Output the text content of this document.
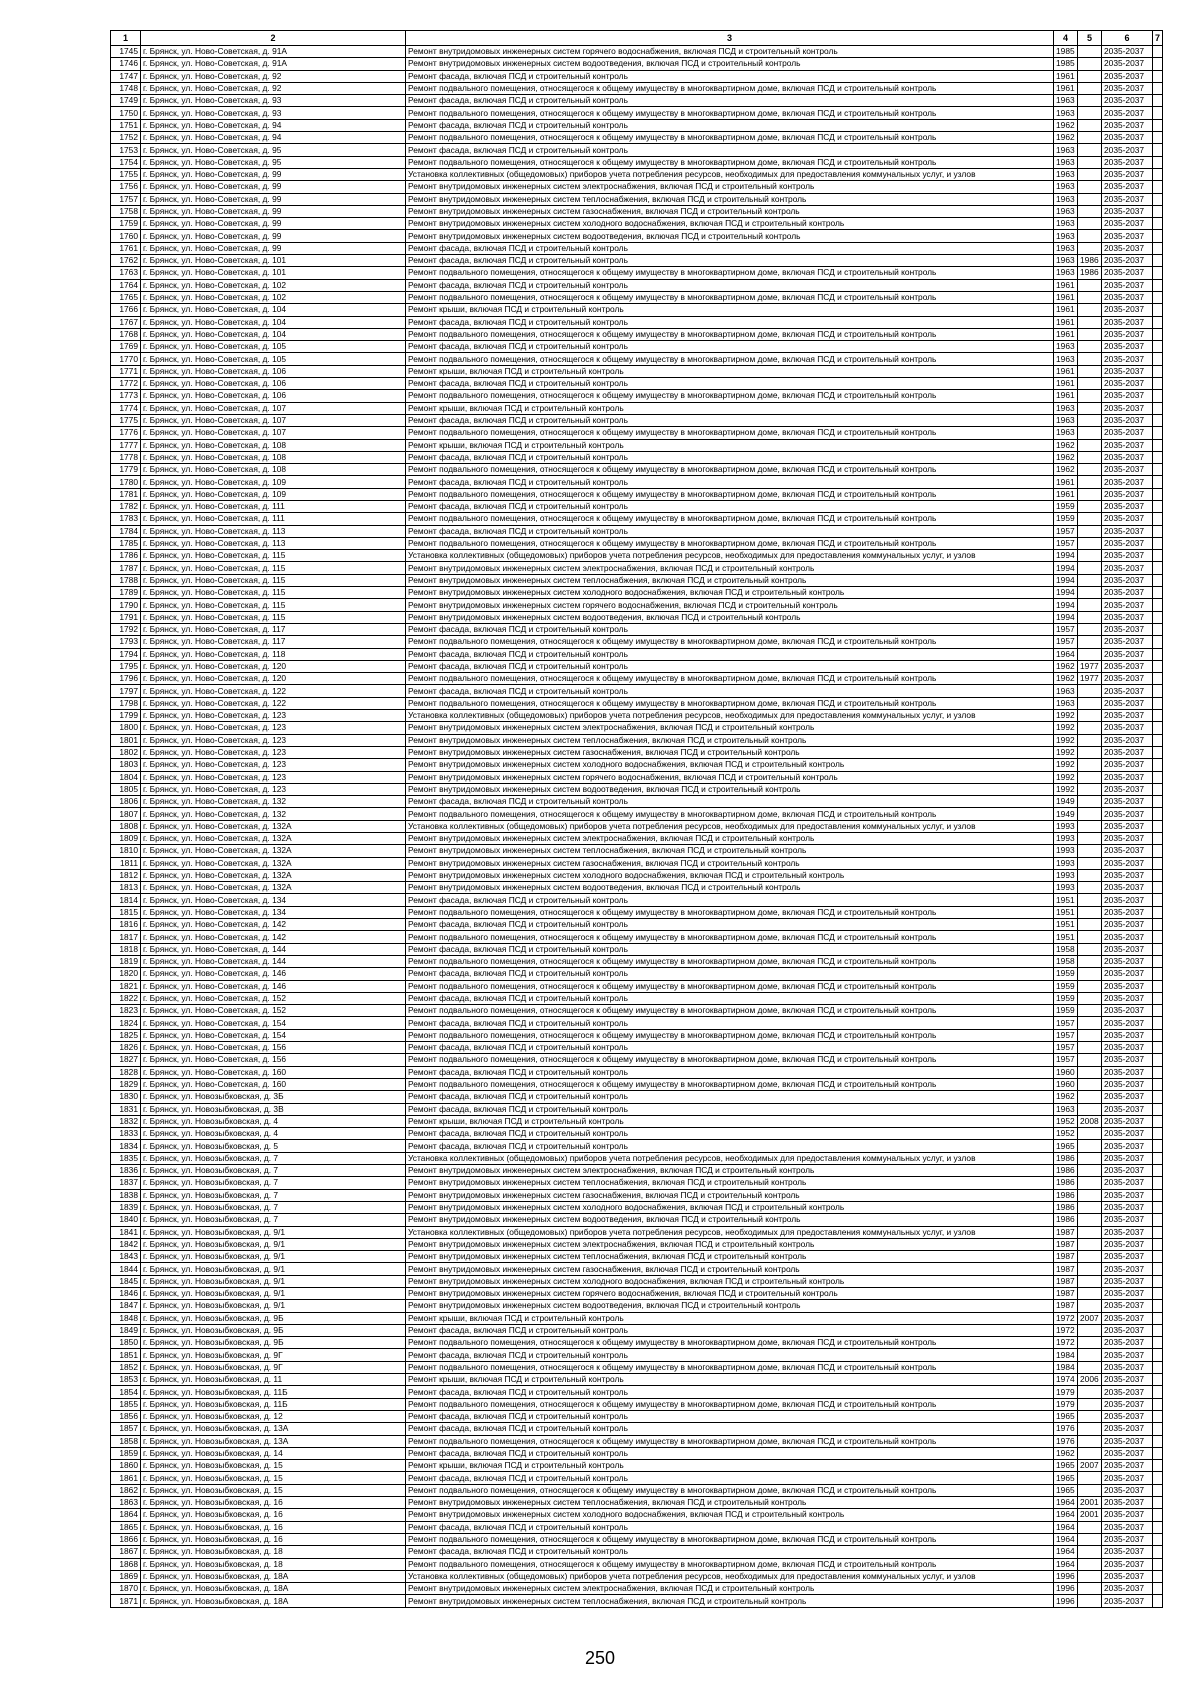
1	2	3	4	5	6	7
1745	г. Брянск, ул. Ново-Советская, д. 91А	Ремонт внутридомовых инженерных систем горячего водоснабжения, включая ПСД и строительный контроль	1985		2035-2037	
1746	г. Брянск, ул. Ново-Советская, д. 91А	Ремонт внутридомовых инженерных систем водоотведения, включая ПСД и строительный контроль	1985		2035-2037	
1747	г. Брянск, ул. Ново-Советская, д. 92	Ремонт фасада, включая ПСД и строительный контроль	1961		2035-2037	
1748	г. Брянск, ул. Ново-Советская, д. 92	Ремонт подвального помещения, относящегося к общему имуществу в многоквартирном доме, включая ПСД и строительный контроль	1961		2035-2037	
1749	г. Брянск, ул. Ново-Советская, д. 93	Ремонт фасада, включая ПСД и строительный контроль	1963		2035-2037	
1750	г. Брянск, ул. Ново-Советская, д. 93	Ремонт подвального помещения, относящегося к общему имуществу в многоквартирном доме, включая ПСД и строительный контроль	1963		2035-2037	
1751	г. Брянск, ул. Ново-Советская, д. 94	Ремонт фасада, включая ПСД и строительный контроль	1962		2035-2037	
1752	г. Брянск, ул. Ново-Советская, д. 94	Ремонт подвального помещения, относящегося к общему имуществу в многоквартирном доме, включая ПСД и строительный контроль	1962		2035-2037	
1753	г. Брянск, ул. Ново-Советская, д. 95	Ремонт фасада, включая ПСД и строительный контроль	1963		2035-2037	
1754	г. Брянск, ул. Ново-Советская, д. 95	Ремонт подвального помещения, относящегося к общему имуществу в многоквартирном доме, включая ПСД и строительный контроль	1963		2035-2037	
1755	г. Брянск, ул. Ново-Советская, д. 99	Установка коллективных (общедомовых) приборов учета потребления ресурсов, необходимых для предоставления коммунальных услуг, и узлов	1963		2035-2037	
1756	г. Брянск, ул. Ново-Советская, д. 99	Ремонт внутридомовых инженерных систем электроснабжения, включая ПСД и строительный контроль	1963		2035-2037	
1757	г. Брянск, ул. Ново-Советская, д. 99	Ремонт внутридомовых инженерных систем теплоснабжения, включая ПСД и строительный контроль	1963		2035-2037	
1758	г. Брянск, ул. Ново-Советская, д. 99	Ремонт внутридомовых инженерных систем газоснабжения, включая ПСД и строительный контроль	1963		2035-2037	
1759	г. Брянск, ул. Ново-Советская, д. 99	Ремонт внутридомовых инженерных систем холодного водоснабжения, включая ПСД и строительный контроль	1963		2035-2037	
1760	г. Брянск, ул. Ново-Советская, д. 99	Ремонт внутридомовых инженерных систем водоотведения, включая ПСД и строительный контроль	1963		2035-2037	
1761	г. Брянск, ул. Ново-Советская, д. 99	Ремонт фасада, включая ПСД и строительный контроль	1963		2035-2037	
1762	г. Брянск, ул. Ново-Советская, д. 101	Ремонт фасада, включая ПСД и строительный контроль	1963	1986	2035-2037	
1763	г. Брянск, ул. Ново-Советская, д. 101	Ремонт подвального помещения, относящегося к общему имуществу в многоквартирном доме, включая ПСД и строительный контроль	1963	1986	2035-2037	
1764	г. Брянск, ул. Ново-Советская, д. 102	Ремонт фасада, включая ПСД и строительный контроль	1961		2035-2037	
1765	г. Брянск, ул. Ново-Советская, д. 102	Ремонт подвального помещения, относящегося к общему имуществу в многоквартирном доме, включая ПСД и строительный контроль	1961		2035-2037	
1766	г. Брянск, ул. Ново-Советская, д. 104	Ремонт крыши, включая ПСД и строительный контроль	1961		2035-2037	
1767	г. Брянск, ул. Ново-Советская, д. 104	Ремонт фасада, включая ПСД и строительный контроль	1961		2035-2037	
1768	г. Брянск, ул. Ново-Советская, д. 104	Ремонт подвального помещения, относящегося к общему имуществу в многоквартирном доме, включая ПСД и строительный контроль	1961		2035-2037	
1769	г. Брянск, ул. Ново-Советская, д. 105	Ремонт фасада, включая ПСД и строительный контроль	1963		2035-2037	
1770	г. Брянск, ул. Ново-Советская, д. 105	Ремонт подвального помещения, относящегося к общему имуществу в многоквартирном доме, включая ПСД и строительный контроль	1963		2035-2037	
1771	г. Брянск, ул. Ново-Советская, д. 106	Ремонт крыши, включая ПСД и строительный контроль	1961		2035-2037	
1772	г. Брянск, ул. Ново-Советская, д. 106	Ремонт фасада, включая ПСД и строительный контроль	1961		2035-2037	
1773	г. Брянск, ул. Ново-Советская, д. 106	Ремонт подвального помещения, относящегося к общему имуществу в многоквартирном доме, включая ПСД и строительный контроль	1961		2035-2037	
1774	г. Брянск, ул. Ново-Советская, д. 107	Ремонт крыши, включая ПСД и строительный контроль	1963		2035-2037	
1775	г. Брянск, ул. Ново-Советская, д. 107	Ремонт фасада, включая ПСД и строительный контроль	1963		2035-2037	
1776	г. Брянск, ул. Ново-Советская, д. 107	Ремонт подвального помещения, относящегося к общему имуществу в многоквартирном доме, включая ПСД и строительный контроль	1963		2035-2037	
1777	г. Брянск, ул. Ново-Советская, д. 108	Ремонт крыши, включая ПСД и строительный контроль	1962		2035-2037	
1778	г. Брянск, ул. Ново-Советская, д. 108	Ремонт фасада, включая ПСД и строительный контроль	1962		2035-2037	
1779	г. Брянск, ул. Ново-Советская, д. 108	Ремонт подвального помещения, относящегося к общему имуществу в многоквартирном доме, включая ПСД и строительный контроль	1962		2035-2037	
1780	г. Брянск, ул. Ново-Советская, д. 109	Ремонт фасада, включая ПСД и строительный контроль	1961		2035-2037	
1781	г. Брянск, ул. Ново-Советская, д. 109	Ремонт подвального помещения, относящегося к общему имуществу в многоквартирном доме, включая ПСД и строительный контроль	1961		2035-2037	
1782	г. Брянск, ул. Ново-Советская, д. 111	Ремонт фасада, включая ПСД и строительный контроль	1959		2035-2037	
1783	г. Брянск, ул. Ново-Советская, д. 111	Ремонт подвального помещения, относящегося к общему имуществу в многоквартирном доме, включая ПСД и строительный контроль	1959		2035-2037	
1784	г. Брянск, ул. Ново-Советская, д. 113	Ремонт фасада, включая ПСД и строительный контроль	1957		2035-2037	
1785	г. Брянск, ул. Ново-Советская, д. 113	Ремонт подвального помещения, относящегося к общему имуществу в многоквартирном доме, включая ПСД и строительный контроль	1957		2035-2037	
1786	г. Брянск, ул. Ново-Советская, д. 115	Установка коллективных (общедомовых) приборов учета потребления ресурсов, необходимых для предоставления коммунальных услуг, и узлов	1994		2035-2037	
1787	г. Брянск, ул. Ново-Советская, д. 115	Ремонт внутридомовых инженерных систем электроснабжения, включая ПСД и строительный контроль	1994		2035-2037	
1788	г. Брянск, ул. Ново-Советская, д. 115	Ремонт внутридомовых инженерных систем теплоснабжения, включая ПСД и строительный контроль	1994		2035-2037	
1789	г. Брянск, ул. Ново-Советская, д. 115	Ремонт внутридомовых инженерных систем холодного водоснабжения, включая ПСД и строительный контроль	1994		2035-2037	
1790	г. Брянск, ул. Ново-Советская, д. 115	Ремонт внутридомовых инженерных систем горячего водоснабжения, включая ПСД и строительный контроль	1994		2035-2037	
1791	г. Брянск, ул. Ново-Советская, д. 115	Ремонт внутридомовых инженерных систем водоотведения, включая ПСД и строительный контроль	1994		2035-2037	
1792	г. Брянск, ул. Ново-Советская, д. 117	Ремонт фасада, включая ПСД и строительный контроль	1957		2035-2037	
1793	г. Брянск, ул. Ново-Советская, д. 117	Ремонт подвального помещения, относящегося к общему имуществу в многоквартирном доме, включая ПСД и строительный контроль	1957		2035-2037	
1794	г. Брянск, ул. Ново-Советская, д. 118	Ремонт фасада, включая ПСД и строительный контроль	1964		2035-2037	
1795	г. Брянск, ул. Ново-Советская, д. 120	Ремонт фасада, включая ПСД и строительный контроль	1962	1977	2035-2037	
1796	г. Брянск, ул. Ново-Советская, д. 120	Ремонт подвального помещения, относящегося к общему имуществу в многоквартирном доме, включая ПСД и строительный контроль	1962	1977	2035-2037	
1797	г. Брянск, ул. Ново-Советская, д. 122	Ремонт фасада, включая ПСД и строительный контроль	1963		2035-2037	
1798	г. Брянск, ул. Ново-Советская, д. 122	Ремонт подвального помещения, относящегося к общему имуществу в многоквартирном доме, включая ПСД и строительный контроль	1963		2035-2037	
1799	г. Брянск, ул. Ново-Советская, д. 123	Установка коллективных (общедомовых) приборов учета потребления ресурсов, необходимых для предоставления коммунальных услуг, и узлов	1992		2035-2037	
1800	г. Брянск, ул. Ново-Советская, д. 123	Ремонт внутридомовых инженерных систем электроснабжения, включая ПСД и строительный контроль	1992		2035-2037	
1801	г. Брянск, ул. Ново-Советская, д. 123	Ремонт внутридомовых инженерных систем теплоснабжения, включая ПСД и строительный контроль	1992		2035-2037	
1802	г. Брянск, ул. Ново-Советская, д. 123	Ремонт внутридомовых инженерных систем газоснабжения, включая ПСД и строительный контроль	1992		2035-2037	
1803	г. Брянск, ул. Ново-Советская, д. 123	Ремонт внутридомовых инженерных систем холодного водоснабжения, включая ПСД и строительный контроль	1992		2035-2037	
1804	г. Брянск, ул. Ново-Советская, д. 123	Ремонт внутридомовых инженерных систем горячего водоснабжения, включая ПСД и строительный контроль	1992		2035-2037	
1805	г. Брянск, ул. Ново-Советская, д. 123	Ремонт внутридомовых инженерных систем водоотведения, включая ПСД и строительный контроль	1992		2035-2037	
1806	г. Брянск, ул. Ново-Советская, д. 132	Ремонт фасада, включая ПСД и строительный контроль	1949		2035-2037	
1807	г. Брянск, ул. Ново-Советская, д. 132	Ремонт подвального помещения, относящегося к общему имуществу в многоквартирном доме, включая ПСД и строительный контроль	1949		2035-2037	
1808	г. Брянск, ул. Ново-Советская, д. 132А	Установка коллективных (общедомовых) приборов учета потребления ресурсов, необходимых для предоставления коммунальных услуг, и узлов	1993		2035-2037	
1809	г. Брянск, ул. Ново-Советская, д. 132А	Ремонт внутридомовых инженерных систем электроснабжения, включая ПСД и строительный контроль	1993		2035-2037	
1810	г. Брянск, ул. Ново-Советская, д. 132А	Ремонт внутридомовых инженерных систем теплоснабжения, включая ПСД и строительный контроль	1993		2035-2037	
1811	г. Брянск, ул. Ново-Советская, д. 132А	Ремонт внутридомовых инженерных систем газоснабжения, включая ПСД и строительный контроль	1993		2035-2037	
1812	г. Брянск, ул. Ново-Советская, д. 132А	Ремонт внутридомовых инженерных систем холодного водоснабжения, включая ПСД и строительный контроль	1993		2035-2037	
1813	г. Брянск, ул. Ново-Советская, д. 132А	Ремонт внутридомовых инженерных систем водоотведения, включая ПСД и строительный контроль	1993		2035-2037	
1814	г. Брянск, ул. Ново-Советская, д. 134	Ремонт фасада, включая ПСД и строительный контроль	1951		2035-2037	
1815	г. Брянск, ул. Ново-Советская, д. 134	Ремонт подвального помещения, относящегося к общему имуществу в многоквартирном доме, включая ПСД и строительный контроль	1951		2035-2037	
1816	г. Брянск, ул. Ново-Советская, д. 142	Ремонт фасада, включая ПСД и строительный контроль	1951		2035-2037	
1817	г. Брянск, ул. Ново-Советская, д. 142	Ремонт подвального помещения, относящегося к общему имуществу в многоквартирном доме, включая ПСД и строительный контроль	1951		2035-2037	
1818	г. Брянск, ул. Ново-Советская, д. 144	Ремонт фасада, включая ПСД и строительный контроль	1958		2035-2037	
1819	г. Брянск, ул. Ново-Советская, д. 144	Ремонт подвального помещения, относящегося к общему имуществу в многоквартирном доме, включая ПСД и строительный контроль	1958		2035-2037	
1820	г. Брянск, ул. Ново-Советская, д. 146	Ремонт фасада, включая ПСД и строительный контроль	1959		2035-2037	
1821	г. Брянск, ул. Ново-Советская, д. 146	Ремонт подвального помещения, относящегося к общему имуществу в многоквартирном доме, включая ПСД и строительный контроль	1959		2035-2037	
1822	г. Брянск, ул. Ново-Советская, д. 152	Ремонт фасада, включая ПСД и строительный контроль	1959		2035-2037	
1823	г. Брянск, ул. Ново-Советская, д. 152	Ремонт подвального помещения, относящегося к общему имуществу в многоквартирном доме, включая ПСД и строительный контроль	1959		2035-2037	
1824	г. Брянск, ул. Ново-Советская, д. 154	Ремонт фасада, включая ПСД и строительный контроль	1957		2035-2037	
1825	г. Брянск, ул. Ново-Советская, д. 154	Ремонт подвального помещения, относящегося к общему имуществу в многоквартирном доме, включая ПСД и строительный контроль	1957		2035-2037	
1826	г. Брянск, ул. Ново-Советская, д. 156	Ремонт фасада, включая ПСД и строительный контроль	1957		2035-2037	
1827	г. Брянск, ул. Ново-Советская, д. 156	Ремонт подвального помещения, относящегося к общему имуществу в многоквартирном доме, включая ПСД и строительный контроль	1957		2035-2037	
1828	г. Брянск, ул. Ново-Советская, д. 160	Ремонт фасада, включая ПСД и строительный контроль	1960		2035-2037	
1829	г. Брянск, ул. Ново-Советская, д. 160	Ремонт подвального помещения, относящегося к общему имуществу в многоквартирном доме, включая ПСД и строительный контроль	1960		2035-2037	
1830	г. Брянск, ул. Новозыбковская, д. 3Б	Ремонт фасада, включая ПСД и строительный контроль	1962		2035-2037	
1831	г. Брянск, ул. Новозыбковская, д. 3В	Ремонт фасада, включая ПСД и строительный контроль	1963		2035-2037	
1832	г. Брянск, ул. Новозыбковская, д. 4	Ремонт крыши, включая ПСД и строительный контроль	1952	2008	2035-2037	
1833	г. Брянск, ул. Новозыбковская, д. 4	Ремонт фасада, включая ПСД и строительный контроль	1952		2035-2037	
1834	г. Брянск, ул. Новозыбковская, д. 5	Ремонт фасада, включая ПСД и строительный контроль	1965		2035-2037	
1835	г. Брянск, ул. Новозыбковская, д. 7	Установка коллективных (общедомовых) приборов учета потребления ресурсов, необходимых для предоставления коммунальных услуг, и узлов	1986		2035-2037	
1836	г. Брянск, ул. Новозыбковская, д. 7	Ремонт внутридомовых инженерных систем электроснабжения, включая ПСД и строительный контроль	1986		2035-2037	
1837	г. Брянск, ул. Новозыбковская, д. 7	Ремонт внутридомовых инженерных систем теплоснабжения, включая ПСД и строительный контроль	1986		2035-2037	
1838	г. Брянск, ул. Новозыбковская, д. 7	Ремонт внутридомовых инженерных систем газоснабжения, включая ПСД и строительный контроль	1986		2035-2037	
1839	г. Брянск, ул. Новозыбковская, д. 7	Ремонт внутридомовых инженерных систем холодного водоснабжения, включая ПСД и строительный контроль	1986		2035-2037	
1840	г. Брянск, ул. Новозыбковская, д. 7	Ремонт внутридомовых инженерных систем водоотведения, включая ПСД и строительный контроль	1986		2035-2037	
1841	г. Брянск, ул. Новозыбковская, д. 9/1	Установка коллективных (общедомовых) приборов учета потребления ресурсов, необходимых для предоставления коммунальных услуг, и узлов	1987		2035-2037	
1842	г. Брянск, ул. Новозыбковская, д. 9/1	Ремонт внутридомовых инженерных систем электроснабжения, включая ПСД и строительный контроль	1987		2035-2037	
1843	г. Брянск, ул. Новозыбковская, д. 9/1	Ремонт внутридомовых инженерных систем теплоснабжения, включая ПСД и строительный контроль	1987		2035-2037	
1844	г. Брянск, ул. Новозыбковская, д. 9/1	Ремонт внутридомовых инженерных систем газоснабжения, включая ПСД и строительный контроль	1987		2035-2037	
1845	г. Брянск, ул. Новозыбковская, д. 9/1	Ремонт внутридомовых инженерных систем холодного водоснабжения, включая ПСД и строительный контроль	1987		2035-2037	
1846	г. Брянск, ул. Новозыбковская, д. 9/1	Ремонт внутридомовых инженерных систем горячего водоснабжения, включая ПСД и строительный контроль	1987		2035-2037	
1847	г. Брянск, ул. Новозыбковская, д. 9/1	Ремонт внутридомовых инженерных систем водоотведения, включая ПСД и строительный контроль	1987		2035-2037	
1848	г. Брянск, ул. Новозыбковская, д. 9Б	Ремонт крыши, включая ПСД и строительный контроль	1972	2007	2035-2037	
1849	г. Брянск, ул. Новозыбковская, д. 9Б	Ремонт фасада, включая ПСД и строительный контроль	1972		2035-2037	
1850	г. Брянск, ул. Новозыбковская, д. 9Б	Ремонт подвального помещения, относящегося к общему имуществу в многоквартирном доме, включая ПСД и строительный контроль	1972		2035-2037	
1851	г. Брянск, ул. Новозыбковская, д. 9Г	Ремонт фасада, включая ПСД и строительный контроль	1984		2035-2037	
1852	г. Брянск, ул. Новозыбковская, д. 9Г	Ремонт подвального помещения, относящегося к общему имуществу в многоквартирном доме, включая ПСД и строительный контроль	1984		2035-2037	
1853	г. Брянск, ул. Новозыбковская, д. 11	Ремонт крыши, включая ПСД и строительный контроль	1974	2006	2035-2037	
1854	г. Брянск, ул. Новозыбковская, д. 11Б	Ремонт фасада, включая ПСД и строительный контроль	1979		2035-2037	
1855	г. Брянск, ул. Новозыбковская, д. 11Б	Ремонт подвального помещения, относящегося к общему имуществу в многоквартирном доме, включая ПСД и строительный контроль	1979		2035-2037	
1856	г. Брянск, ул. Новозыбковская, д. 12	Ремонт фасада, включая ПСД и строительный контроль	1965		2035-2037	
1857	г. Брянск, ул. Новозыбковская, д. 13А	Ремонт фасада, включая ПСД и строительный контроль	1976		2035-2037	
1858	г. Брянск, ул. Новозыбковская, д. 13А	Ремонт подвального помещения, относящегося к общему имуществу в многоквартирном доме, включая ПСД и строительный контроль	1976		2035-2037	
1859	г. Брянск, ул. Новозыбковская, д. 14	Ремонт фасада, включая ПСД и строительный контроль	1962		2035-2037	
1860	г. Брянск, ул. Новозыбковская, д. 15	Ремонт крыши, включая ПСД и строительный контроль	1965	2007	2035-2037	
1861	г. Брянск, ул. Новозыбковская, д. 15	Ремонт фасада, включая ПСД и строительный контроль	1965		2035-2037	
1862	г. Брянск, ул. Новозыбковская, д. 15	Ремонт подвального помещения, относящегося к общему имуществу в многоквартирном доме, включая ПСД и строительный контроль	1965		2035-2037	
1863	г. Брянск, ул. Новозыбковская, д. 16	Ремонт внутридомовых инженерных систем теплоснабжения, включая ПСД и строительный контроль	1964	2001	2035-2037	
1864	г. Брянск, ул. Новозыбковская, д. 16	Ремонт внутридомовых инженерных систем холодного водоснабжения, включая ПСД и строительный контроль	1964	2001	2035-2037	
1865	г. Брянск, ул. Новозыбковская, д. 16	Ремонт фасада, включая ПСД и строительный контроль	1964		2035-2037	
1866	г. Брянск, ул. Новозыбковская, д. 16	Ремонт подвального помещения, относящегося к общему имуществу в многоквартирном доме, включая ПСД и строительный контроль	1964		2035-2037	
1867	г. Брянск, ул. Новозыбковская, д. 18	Ремонт фасада, включая ПСД и строительный контроль	1964		2035-2037	
1868	г. Брянск, ул. Новозыбковская, д. 18	Ремонт подвального помещения, относящегося к общему имуществу в многоквартирном доме, включая ПСД и строительный контроль	1964		2035-2037	
1869	г. Брянск, ул. Новозыбковская, д. 18А	Установка коллективных (общедомовых) приборов учета потребления ресурсов, необходимых для предоставления коммунальных услуг, и узлов	1996		2035-2037	
1870	г. Брянск, ул. Новозыбковская, д. 18А	Ремонт внутридомовых инженерных систем электроснабжения, включая ПСД и строительный контроль	1996		2035-2037	
1871	г. Брянск, ул. Новозыбковская, д. 18А	Ремонт внутридомовых инженерных систем теплоснабжения, включая ПСД и строительный контроль	1996		2035-2037	
250
